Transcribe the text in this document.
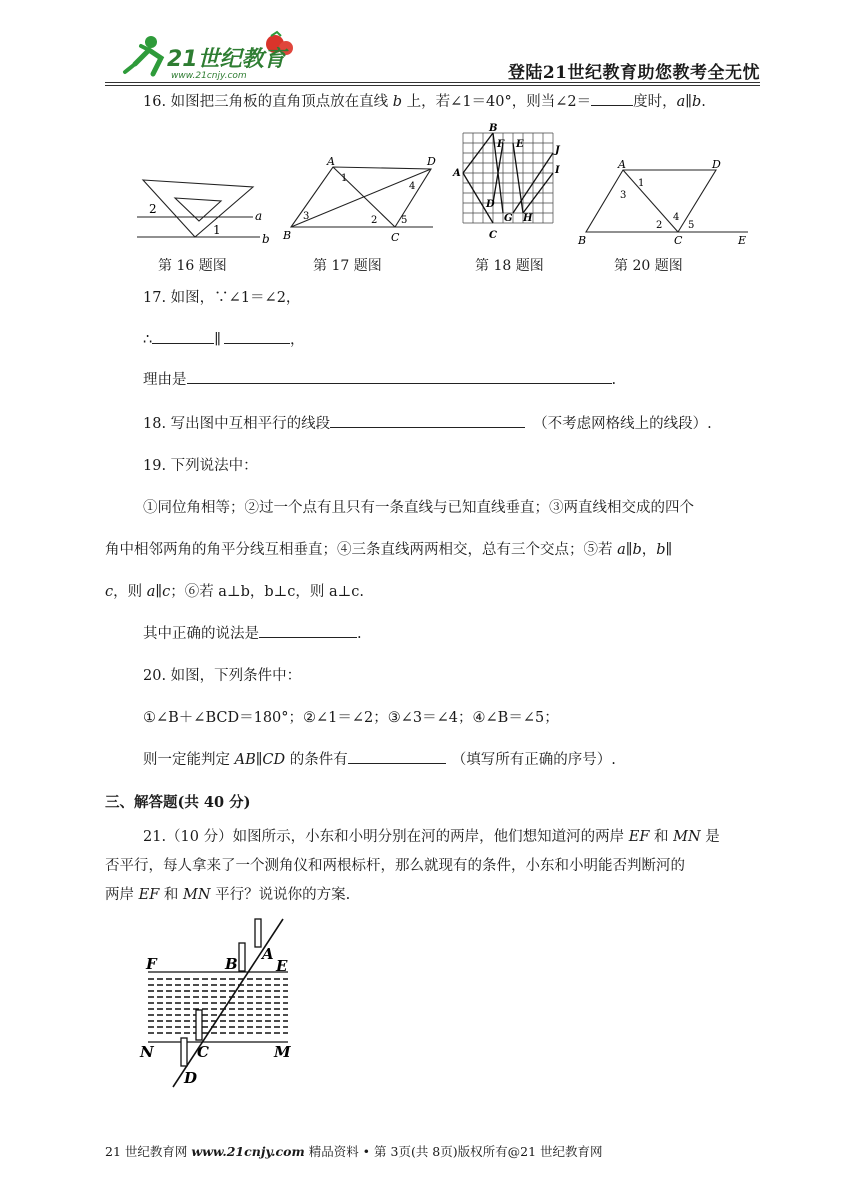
21世纪教育
www.21cnjy.com	登陆21世纪教育助您教考全无忧
16. 如图把三角板的直角顶点放在直线 b 上，若∠1＝40°，则当∠2＝	度时，a∥b.
2	a
1
b
A	D
1
4
3	2 5
B	C
B
F E
J
A	I
D
G H
C
A	D
1
3
2
4
5
B	C	E
第 16 题图	第 17 题图	第 18 题图	第 20 题图
17. 如图，∵∠1＝∠2，
∴	∥	，
理由是	.
18. 写出图中互相平行的线段	（不考虑网格线上的线段）.
19. 下列说法中：
①同位角相等；②过一个点有且只有一条直线与已知直线垂直；③两直线相交成的四个
角中相邻两角的角平分线互相垂直；④三条直线两两相交，总有三个交点；⑤若 a∥b，b∥
c，则 a∥c；⑥若 a⊥b，b⊥c，则 a⊥c.
其中正确的说法是	.
20. 如图，下列条件中：
①∠B＋∠BCD＝180°；②∠1＝∠2；③∠3＝∠4；④∠B＝∠5；
则一定能判定 AB∥CD 的条件有	（填写所有正确的序号）.
三、解答题(共 40 分)
21.（10 分）如图所示，小东和小明分别在河的两岸，他们想知道河的两岸 EF 和 MN 是
否平行，每人拿来了一个测角仪和两根标杆，那么就现有的条件，小东和小明能否判断河的
两岸 EF 和 MN 平行？说说你的方案.
F	B
A
E
N	C	M
D
21 世纪教育网 www.21cnjy.com 精品资料 • 第 3页(共 8页)版权所有@21 世纪教育网
